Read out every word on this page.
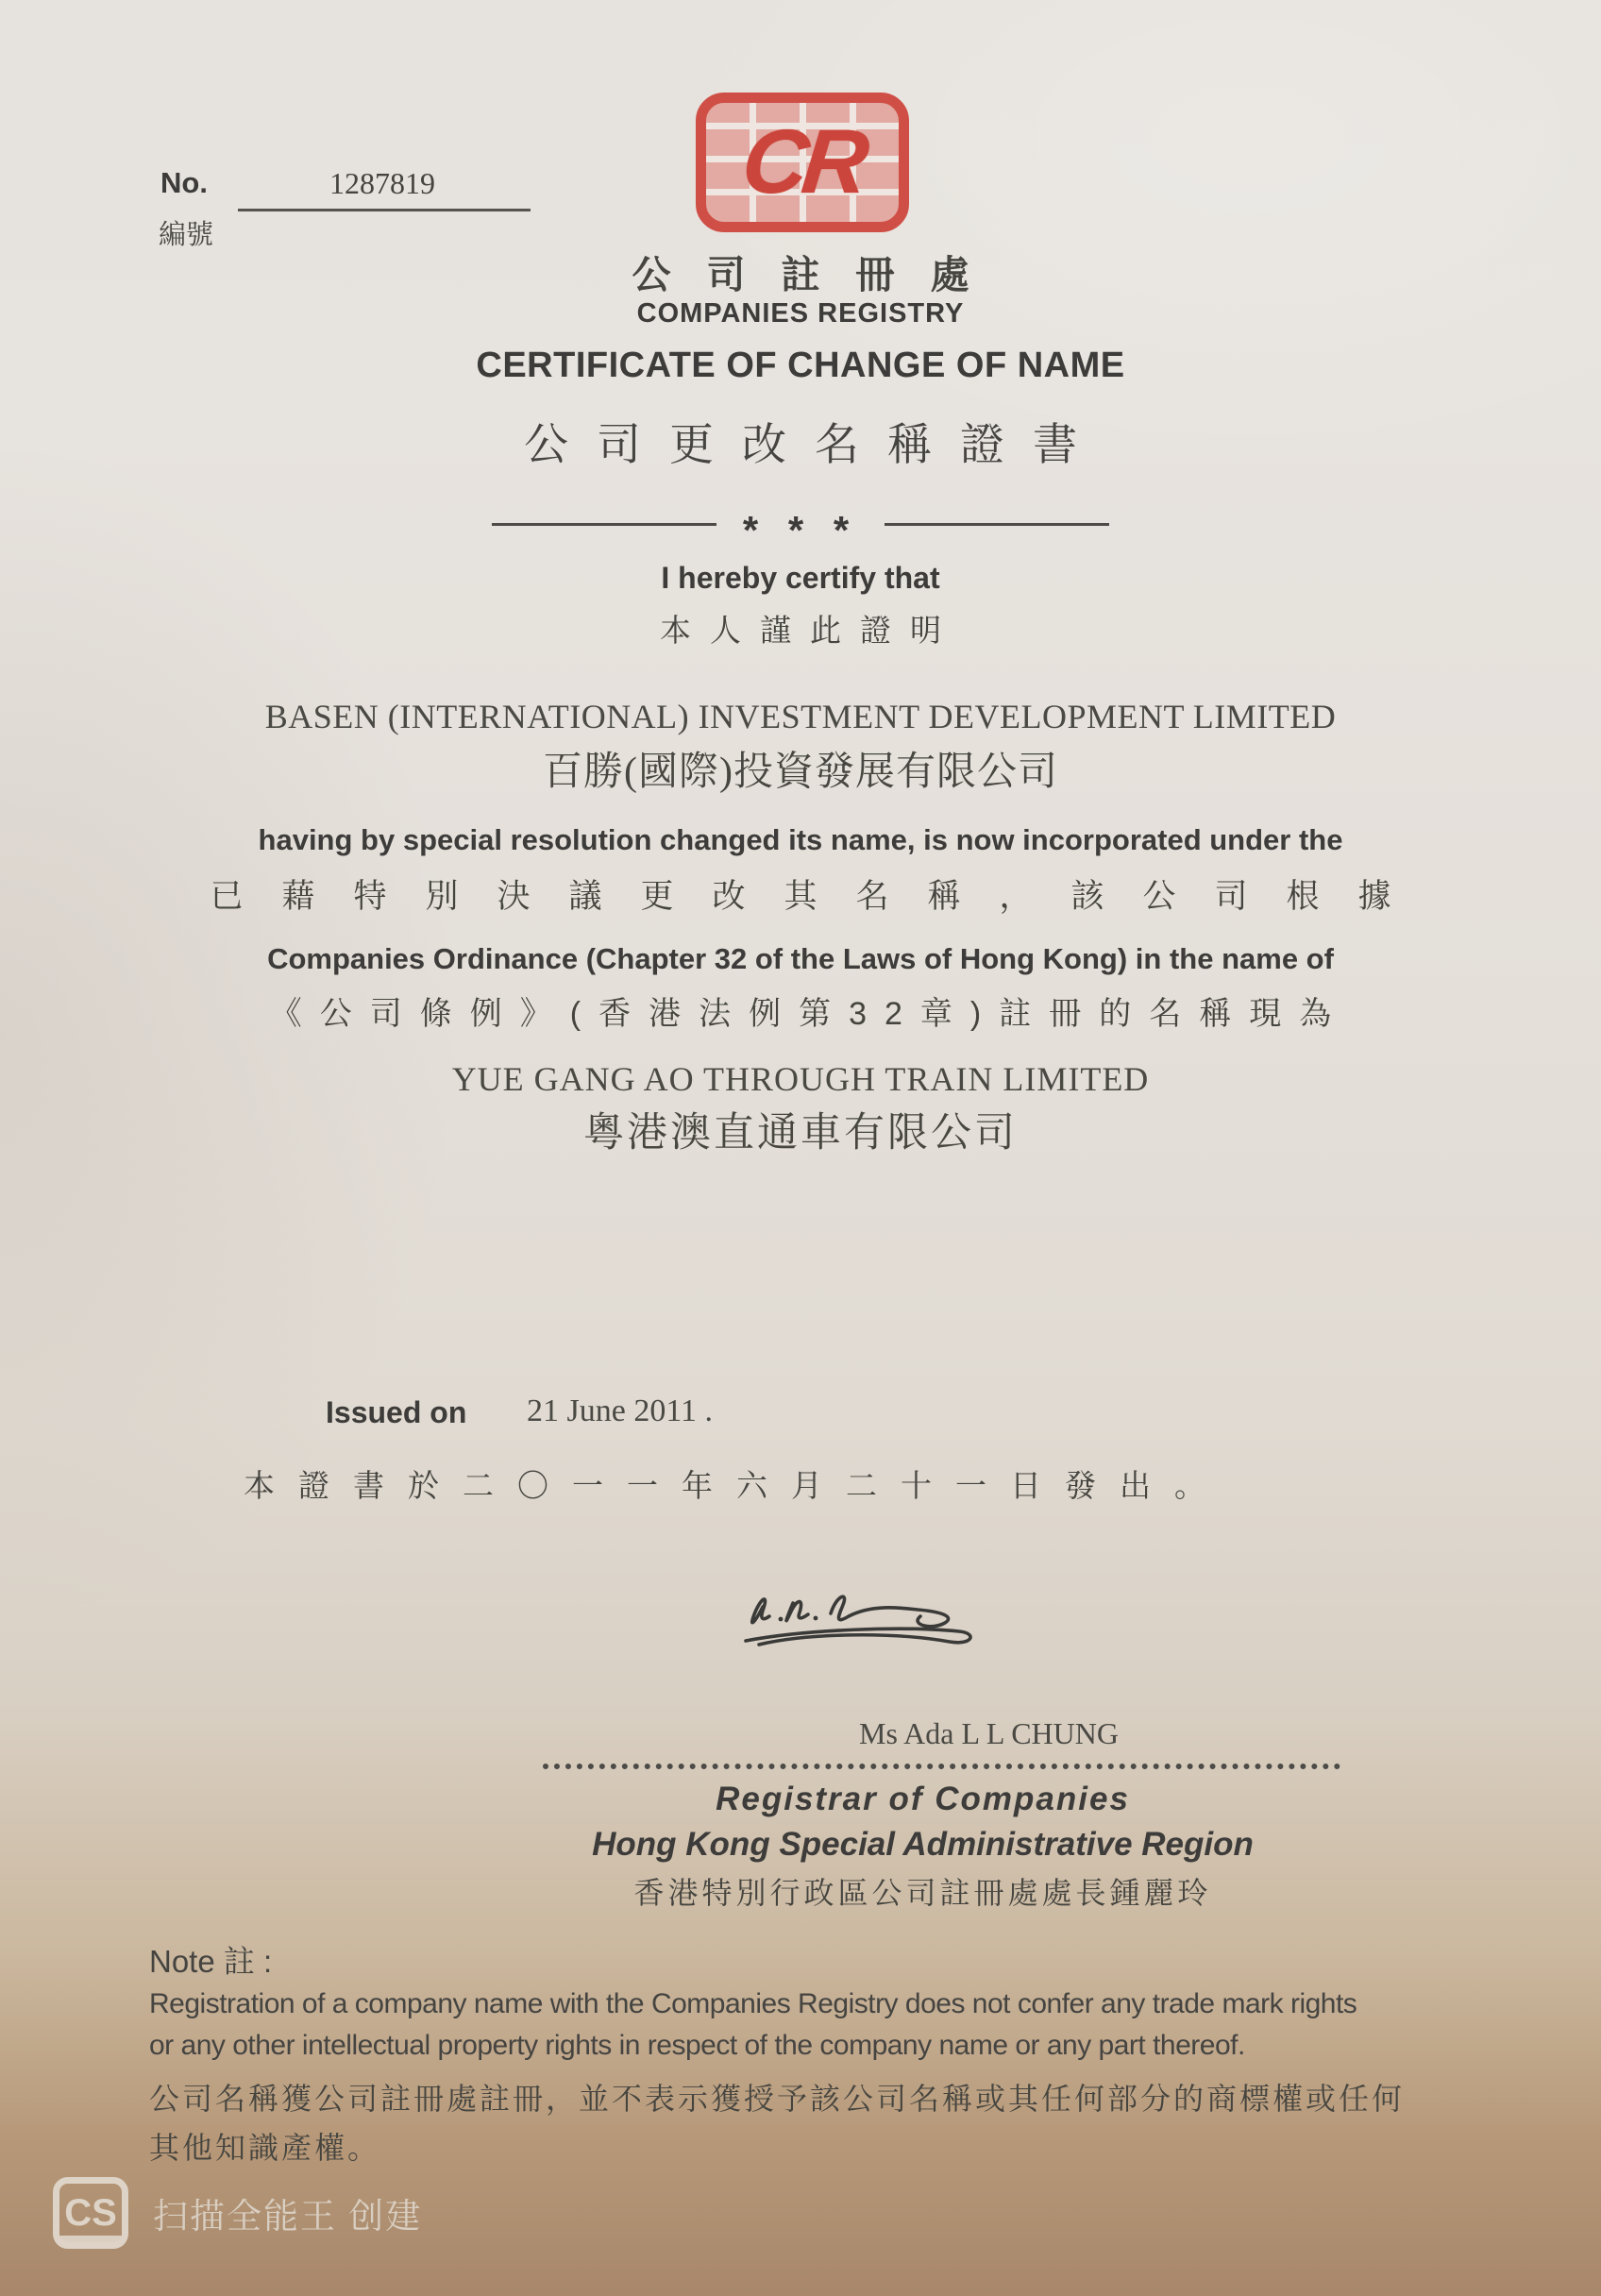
No.	1287819
編號
CR
公司註冊處
COMPANIES REGISTRY
CERTIFICATE OF CHANGE OF NAME
公司更改名稱證書
* * *
I hereby certify that
本人謹此證明
BASEN (INTERNATIONAL) INVESTMENT DEVELOPMENT LIMITED
百勝(國際)投資發展有限公司
having by special resolution changed its name, is now incorporated under the
已藉特別決議更改其名稱，該公司根據
Companies Ordinance (Chapter 32 of the Laws of Hong Kong) in the name of
《公司條例》(香港法例第32章)註冊的名稱現為
YUE GANG AO THROUGH TRAIN LIMITED
粵港澳直通車有限公司
Issued on 21 June 2011 .
本證書於二〇一一年六月二十一日發出。
Ms Ada L L CHUNG
Registrar of Companies
Hong Kong Special Administrative Region
香港特別行政區公司註冊處處長鍾麗玲
Note 註 :
Registration of a company name with the Companies Registry does not confer any trade mark rights
or any other intellectual property rights in respect of the company name or any part thereof.
公司名稱獲公司註冊處註冊，並不表示獲授予該公司名稱或其任何部分的商標權或任何
其他知識產權。
CS 扫描全能王 创建
